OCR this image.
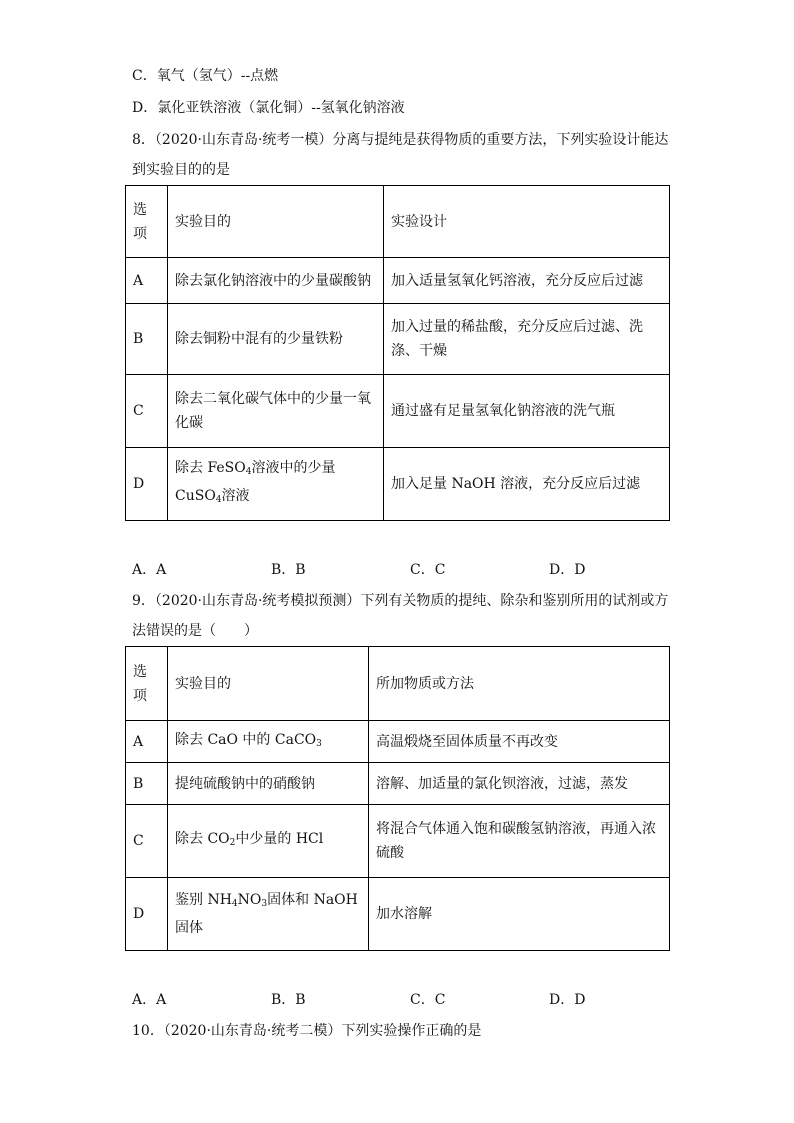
C．氧气（氢气）--点燃
D．氯化亚铁溶液（氯化铜）--氢氧化钠溶液
8．（2020·山东青岛·统考一模）分离与提纯是获得物质的重要方法，下列实验设计能达
到实验目的的是
选项	实验目的	实验设计
A	除去氯化钠溶液中的少量碳酸钠	加入适量氢氧化钙溶液，充分反应后过滤
B	除去铜粉中混有的少量铁粉	加入过量的稀盐酸，充分反应后过滤、洗涤、干燥
C	除去二氧化碳气体中的少量一氧化碳	通过盛有足量氢氧化钠溶液的洗气瓶
D	除去 FeSO$_4$溶液中的少量 CuSO$_4$溶液	加入足量 NaOH 溶液，充分反应后过滤
A．A	B．B	C．C	D．D
9．（2020·山东青岛·统考模拟预测）下列有关物质的提纯、除杂和鉴别所用的试剂或方
法错误的是（　　）
选项	实验目的	所加物质或方法
A	除去 CaO 中的 CaCO$_3$	高温煅烧至固体质量不再改变
B	提纯硫酸钠中的硝酸钠	溶解、加适量的氯化钡溶液，过滤，蒸发
C	除去 $CO_2$中少量的 HCl	将混合气体通入饱和碳酸氢钠溶液，再通入浓硫酸
D	鉴别 $NH_4NO_3$固体和 NaOH 固体	加水溶解
A．A	B．B	C．C	D．D
10．（2020·山东青岛·统考二模）下列实验操作正确的是
